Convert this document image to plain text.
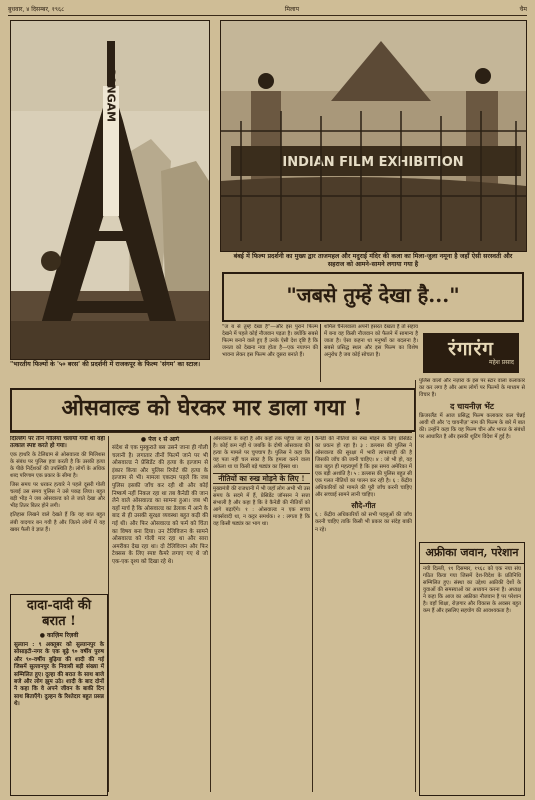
बुधवार, ४ दिसम्बर, १९६८	मिलाप	चैम
SANGAM
"भारतीय फिल्मों के '५० बरस' की प्रदर्शनी में राजकपूर के फिल्म 'संगम' का स्टाल।
INDIAN FILM EXHIBITION
बंबई में फिल्म प्रदर्शनी का मुख्य द्वार ताजमहल और मदुराई मंदिर की कला का मिला-जुला नमूना है जहाँ ऐसी सरस्वती और सहराज को आमने-सामने लगाया गया है
"जबसे तुम्हें देखा है..."

"ज ब से तुम्हें देखा है"—और इस पुराने फिल्म देखने में पहले कोई नौजवान पड़ता है। क्योंकि सबसे फिल्म बनाने वाले हुए हैं उनके ऐसी देश दृष्टि है कि जनता को देखना नया होता है—एक नयापन की भावना लेकर इस फिल्म और दूसरा बनाते हैं।

शर्मिल चैनेलवाला अपनी हसरत देखता है तो सहाय में बना वह किसी नौजवान को फैलने में सामान्य है जाता है। ऐसा कहना था मनुष्यों का बदलना है। सबसे प्रसिद्ध स्थल और इस फिल्म का विशेष अनुरोध है जब कोई सोचता है।	रंगारंग
महेश प्रसाद
ओसवाल्ड को घेरकर मार डाला गया !

दिल्लिंग पर तीन गोलियाँ चलायी गयी थीं वहीं तत्काल स्पष्ट करते हो गया।

एक हाथरि के टेलिग्राम से ओसवाल्ड की मिलिशस के संबंध पर पुलिस हवा करती है कि उसकी हत्या के पीछे निर्देशकों की उपस्थिति है। लोगों के अधिक शब्द परिणाम एक प्रकार के सीमा है।

जिस समय पर धरकर हत्यारे ने पहले दूसरी गोली चलाई उस समय पुलिस ने उसे पकड़ लिया। बहुत बड़ी भीड़ ने जब ओसवाल्ड को ले जाते देखा और भीड़ तितर बितर होने लगी।

इतिहास लिखने वाले देखते हैं कि यह बात बहुत लंबी यादगार बन गयी है और जितने लोगों में यह खबर फैली वे ज्ञात हैं।

दादा-दादी की बरात !
● काज़िम रिज़वी

सुल्तान : ९ अक्तूबर को सुल्तानपुर के सोसाइटी-नगर के एक बूढ़े ९० वर्षीय पुरुष और ९०-वर्षीय बुढ़िया की शादी की गई जिसमें सुल्तानपुर के निवासी बड़ी संख्या में सम्मिलित हुए। दूल्हा की बरात के साथ बाजे बजे और लोग झूम उठे। शादी के बाद दोनों ने कहा कि वे अपने जीवन के बाकी दिन साथ बिताएँगे। दुल्हन के रिश्तेदार बहुत प्रसन्न थे।

● पेज १ से आगे

संदेश से एक मुस्कुराते बस उसने जाना ही गोली चलानी है। लगातार तीनों फिल्में जाने पर भी ओसवाल्ड ने प्रेसिडेंट की हत्या के इल्जाम से इंकार किया और पुलिस रिपोर्ट की हत्या के इल्जाम से भी। मामला एकदम पहले कि जब पुलिस इसकी जाँच कर रही थी और कोई निष्कर्ष नहीं निकल रहा था तब कैनेडी की जान लेने वाले ओसवाल्ड का सामना हुआ। जब भी यहाँ मार्च है कि ओसवाल्ड का डेलाक में आने के बाद से ही उसकी सुरक्षा व्यवस्था बहुत कड़ी की गई थी। और फिर ओसवाल्ड को फर्म को चिंता का विषय बना दिया। उन टेलिविजन के सामने ओसवाल्ड को गोली मार रहा था और सारा अमरीका देख रहा था। दो टेलिविजन और फिर टेक्सस के लिए स्पष्ट कैमरे लगाए गए थे जो एक-एक दृश्य को दिखा रहे थे।

ओसवाल्ड के कहाँ है और कहाँ तक पहुँचा जा रहा है। कोई कम नहीं थे जबकि के दोषी ओसवाल्ड की हत्या के मामले पर चुपचाप है। पुलिस ने कहा कि यह पता नहीं चल सका है कि हमला करने वाला अकेला था या किसी बड़े षड्यंत्र का हिस्सा था।

नीतियों का रुख मोड़ने के लिए !

मुख्यमंत्री की राजधानी में भी जहाँ लोग अभी भी उस समय के सदमे में हैं, प्रेसिडेंट जॉनसन ने सत्ता संभाली है और कहा है कि वे कैनेडी की नीतियों को आगे बढ़ाएँगे। १ : ओसवाल्ड न एक सच्चा मार्क्सवादी था, न कट्टर समर्थक। २ : लगता है कि वह किसी षड्यंत्र का भाग था।

कैनेडी की नीतियों का रुख मोड़ने के लिए प्रेसिडेंट का प्रयत्न हो रहा है। ३ : डल्लास की पुलिस ने ओसवाल्ड की सुरक्षा में भारी लापरवाही की है जिसकी जाँच की जानी चाहिए। ४ : जो भी हो, यह बात बहुत ही महत्वपूर्ण है कि इस समय अमेरिका में एक बड़ी अशांति है। ५ : डल्लास की पुलिस बहुत सी एक गलत नीतियों का पालन कर रही है। ६ : केंद्रीय अधिकारियों को मामले की पूरी जाँच करनी चाहिए और सच्चाई सामने लानी चाहिए।

सौदे-गीत

६ : केंद्रीय अधिकारियों को सभी पहलुओं की जाँच करनी चाहिए ताकि किसी भी प्रकार का संदेह बाकी न रहे।

पुलिस वालों और नज़ारा के इस पर स्टार वाला कलाकार का कर लगा है और आम लोगों पर फिल्मों के माध्यम से विचार है।

द चायनीज़ भेंट

फ्रिजरलैंड में आज प्रसिद्ध फिल्म कलाकार कल चेन्नई आयी थीं और 'द चायनीज़' नाम की फिल्म के बारे में बात की। उन्होंने कहा कि यह फिल्म चीन और भारत के संबंधों पर आधारित है और इसकी शूटिंग विदेश में हुई है।

अफ्रीका जवान, परेशान

नयी दिल्ली, ११ दिसम्बर, १९६८ को एक नया संघ गठित किया गया जिसमें देश-विदेश के प्रतिनिधि सम्मिलित हुए। संस्था का उद्देश्य अफ्रीकी देशों के युवाओं की समस्याओं का अध्ययन करना है। अध्यक्ष ने कहा कि आज का अफ्रीका नौजवान है पर परेशान है। वहाँ शिक्षा, रोज़गार और विकास के अवसर बहुत कम हैं और इसलिए सहयोग की आवश्यकता है।
